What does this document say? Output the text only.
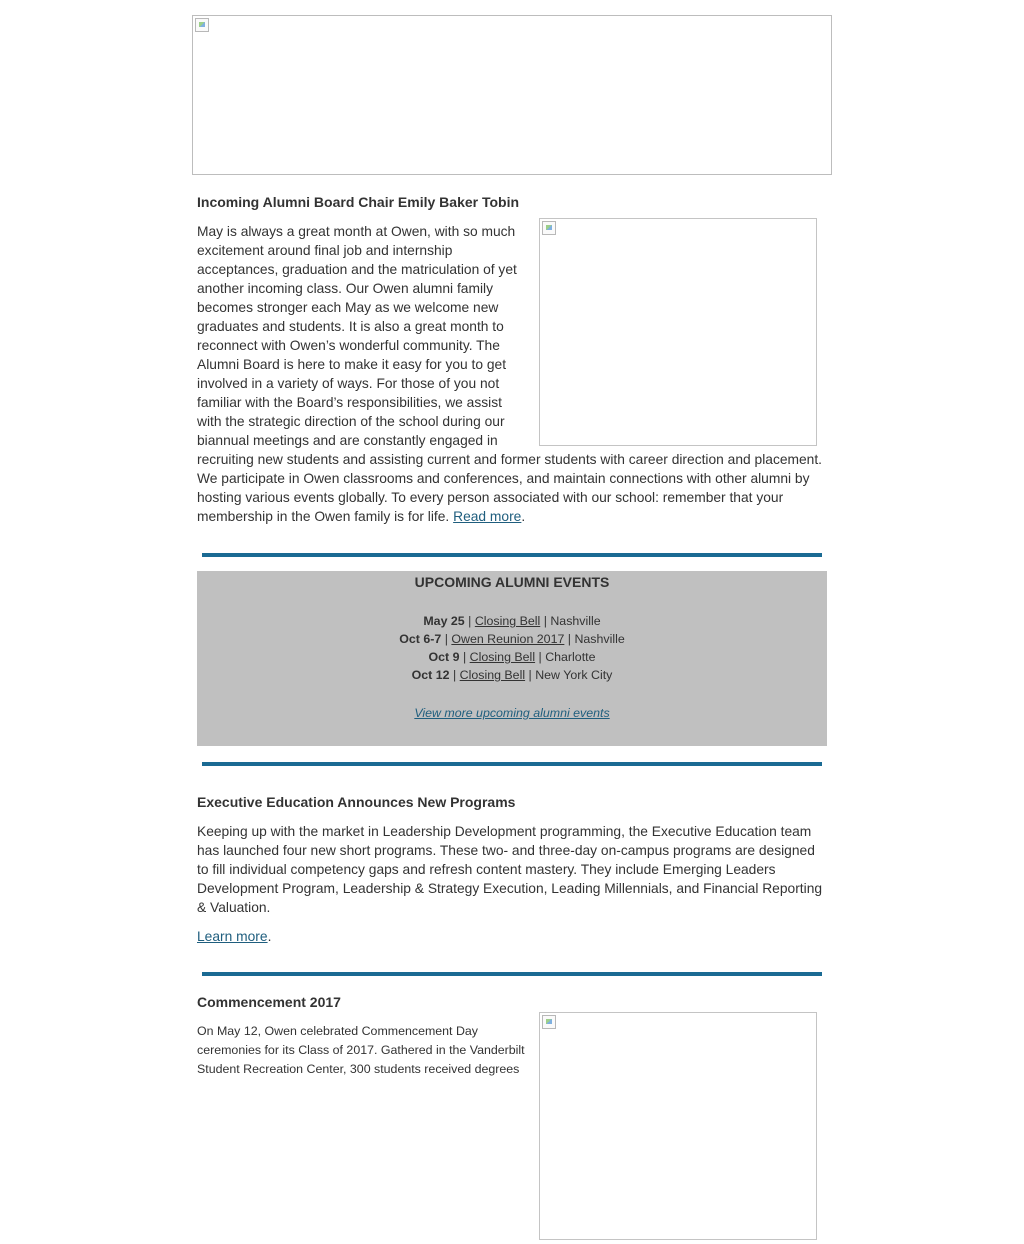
Incoming Alumni Board Chair Emily Baker Tobin

May is always a great month at Owen, with so much excitement around final job and internship acceptances, graduation and the matriculation of yet another incoming class. Our Owen alumni family becomes stronger each May as we welcome new graduates and students. It is also a great month to reconnect with Owen’s wonderful community. The Alumni Board is here to make it easy for you to get involved in a variety of ways. For those of you not familiar with the Board’s responsibilities, we assist with the strategic direction of the school during our biannual meetings and are constantly engaged in recruiting new students and assisting current and former students with career direction and placement. We participate in Owen classrooms and conferences, and maintain connections with other alumni by hosting various events globally. To every person associated with our school: remember that your membership in the Owen family is for life. Read more.

UPCOMING ALUMNI EVENTS
May 25 | Closing Bell | Nashville
Oct 6-7 | Owen Reunion 2017 | Nashville
Oct 9 | Closing Bell | Charlotte
Oct 12 | Closing Bell | New York City
View more upcoming alumni events
Executive Education Announces New Programs

Keeping up with the market in Leadership Development programming, the Executive Education team has launched four new short programs. These two- and three-day on-campus programs are designed to fill individual competency gaps and refresh content mastery. They include Emerging Leaders Development Program, Leadership & Strategy Execution, Leading Millennials, and Financial Reporting & Valuation.

Learn more.

Commencement 2017

On May 12, Owen celebrated Commencement Day ceremonies for its Class of 2017. Gathered in the Vanderbilt Student Recreation Center, 300 students received degrees
